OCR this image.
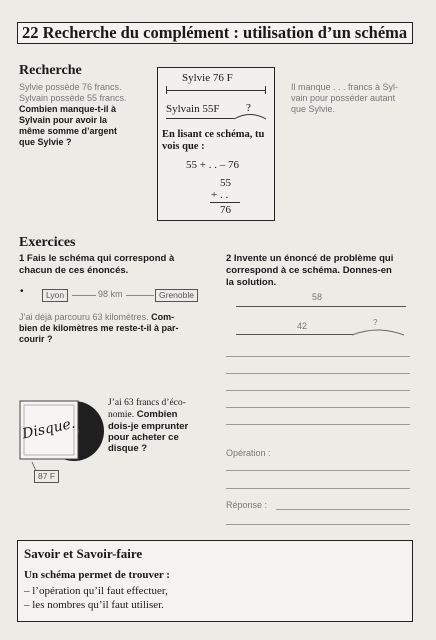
22 Recherche du complément : utilisation d’un schéma
Recherche
Sylvie possède 76 francs.
Sylvain possède 55 francs.
Combien manque-t-il à
Sylvain pour avoir la
même somme d’argent
que Sylvie ?
Il manque . . . francs à Syl-
vain pour posséder autant
que Sylvie.
Sylvie 76 F
Sylvain 55F ?
En lisant ce schéma, tu
vois que :
55 + . . – 76
55
+ . .
76
Exercices
1 Fais le schéma qui correspond à
chacun de ces énoncés.
•	Lyon	98 km	Grenoble
J’ai déjà parcouru 63 kilomètres. Com-
bien de kilomètres me reste-t-il à par-
courir ?
2 Invente un énoncé de problème qui
correspond à ce schéma. Donnes-en
la solution.
58
42	?
Opération :
Réponse :
Disque.
87 F
J’ai 63 francs d’éco-
nomie. Combien
dois-je emprunter
pour acheter ce
disque ?
Savoir et Savoir-faire
Un schéma permet de trouver :
– l’opération qu’il faut effectuer,
– les nombres qu’il faut utiliser.
